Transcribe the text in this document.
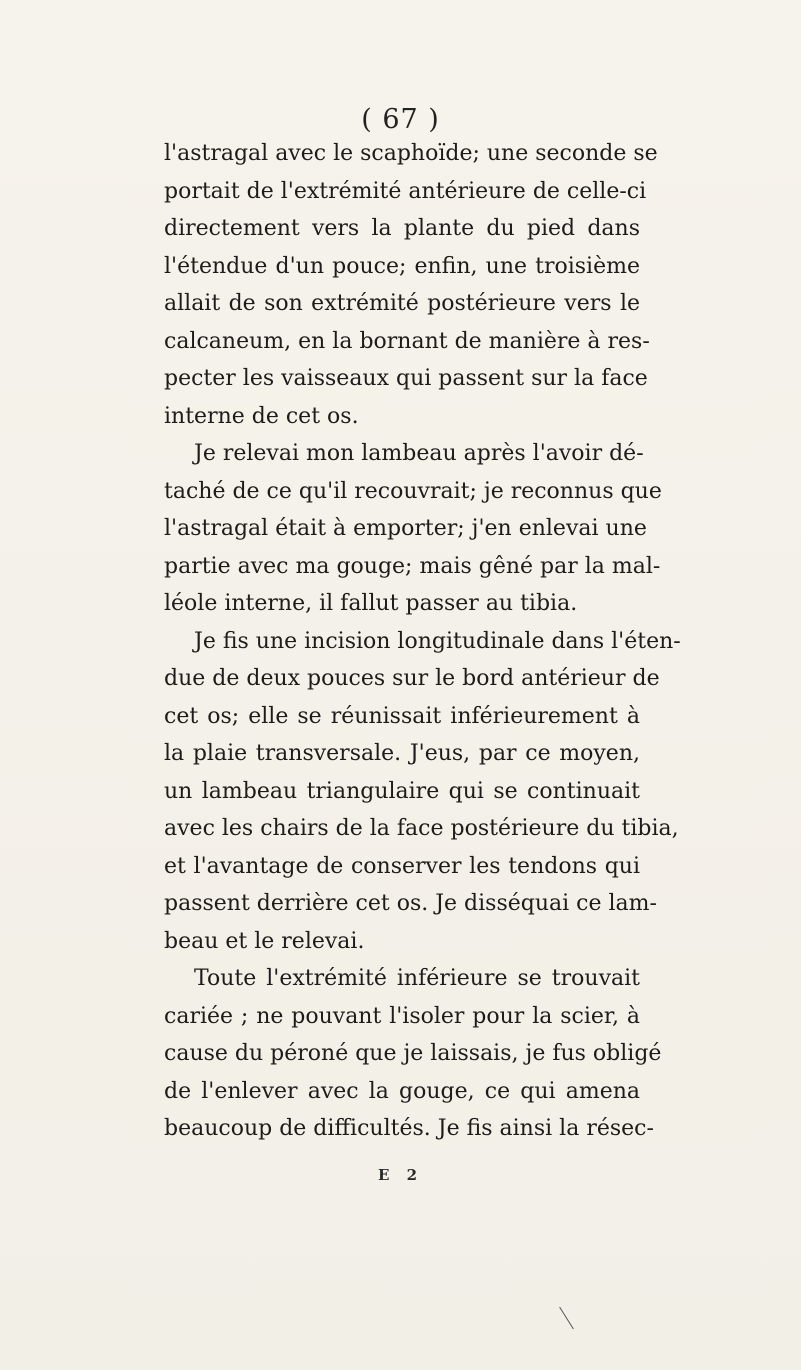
( 67 )
l'astragal avec le scaphoïde; une seconde se
portait de l'extrémité antérieure de celle-ci
directement vers la plante du pied dans
l'étendue d'un pouce; enfin, une troisième
allait de son extrémité postérieure vers le
calcaneum, en la bornant de manière à res-
pecter les vaisseaux qui passent sur la face
interne de cet os.
Je relevai mon lambeau après l'avoir dé-
taché de ce qu'il recouvrait; je reconnus que
l'astragal était à emporter; j'en enlevai une
partie avec ma gouge; mais gêné par la mal-
léole interne, il fallut passer au tibia.
Je fis une incision longitudinale dans l'éten-
due de deux pouces sur le bord antérieur de
cet os; elle se réunissait inférieurement à
la plaie transversale. J'eus, par ce moyen,
un lambeau triangulaire qui se continuait
avec les chairs de la face postérieure du tibia,
et l'avantage de conserver les tendons qui
passent derrière cet os. Je disséquai ce lam-
beau et le relevai.
Toute l'extrémité inférieure se trouvait
cariée ; ne pouvant l'isoler pour la scier, à
cause du péroné que je laissais, je fus obligé
de l'enlever avec la gouge, ce qui amena
beaucoup de difficultés. Je fis ainsi la résec-
E 2
